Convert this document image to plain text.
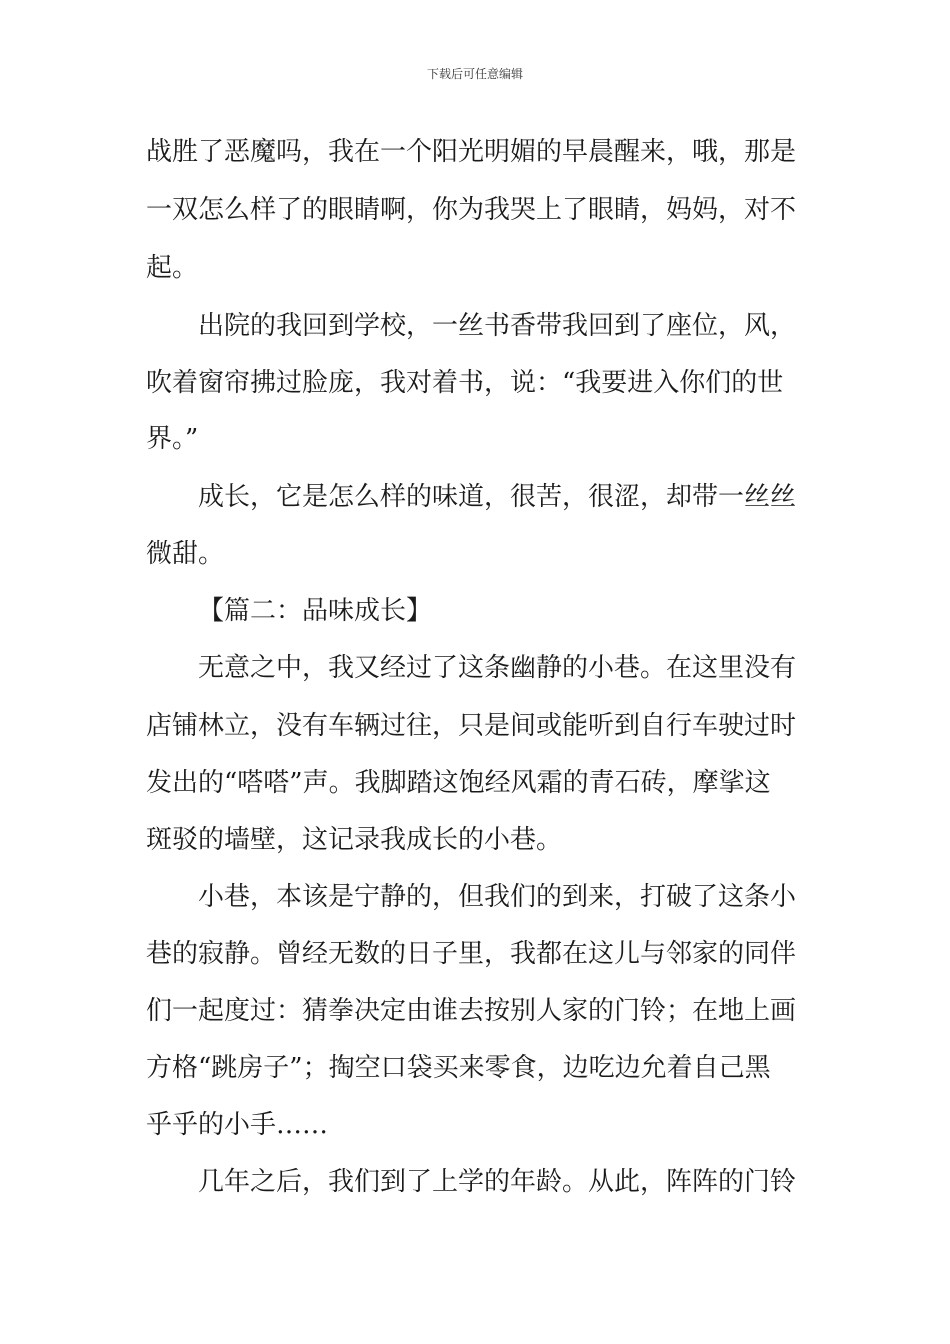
下载后可任意编辑
战胜了恶魔吗，我在一个阳光明媚的早晨醒来，哦，那是
一双怎么样了的眼睛啊，你为我哭上了眼睛，妈妈，对不
起。
出院的我回到学校，一丝书香带我回到了座位，风，
吹着窗帘拂过脸庞，我对着书，说：“我要进入你们的世
界。”
成长，它是怎么样的味道，很苦，很涩，却带一丝丝
微甜。
【篇二：品味成长】
无意之中，我又经过了这条幽静的小巷。在这里没有
店铺林立，没有车辆过往，只是间或能听到自行车驶过时
发出的“嗒嗒”声。我脚踏这饱经风霜的青石砖，摩挲这
斑驳的墙壁，这记录我成长的小巷。
小巷，本该是宁静的，但我们的到来，打破了这条小
巷的寂静。曾经无数的日子里，我都在这儿与邻家的同伴
们一起度过：猜拳决定由谁去按别人家的门铃；在地上画
方格“跳房子”；掏空口袋买来零食，边吃边允着自己黑
乎乎的小手……
几年之后，我们到了上学的年龄。从此，阵阵的门铃
